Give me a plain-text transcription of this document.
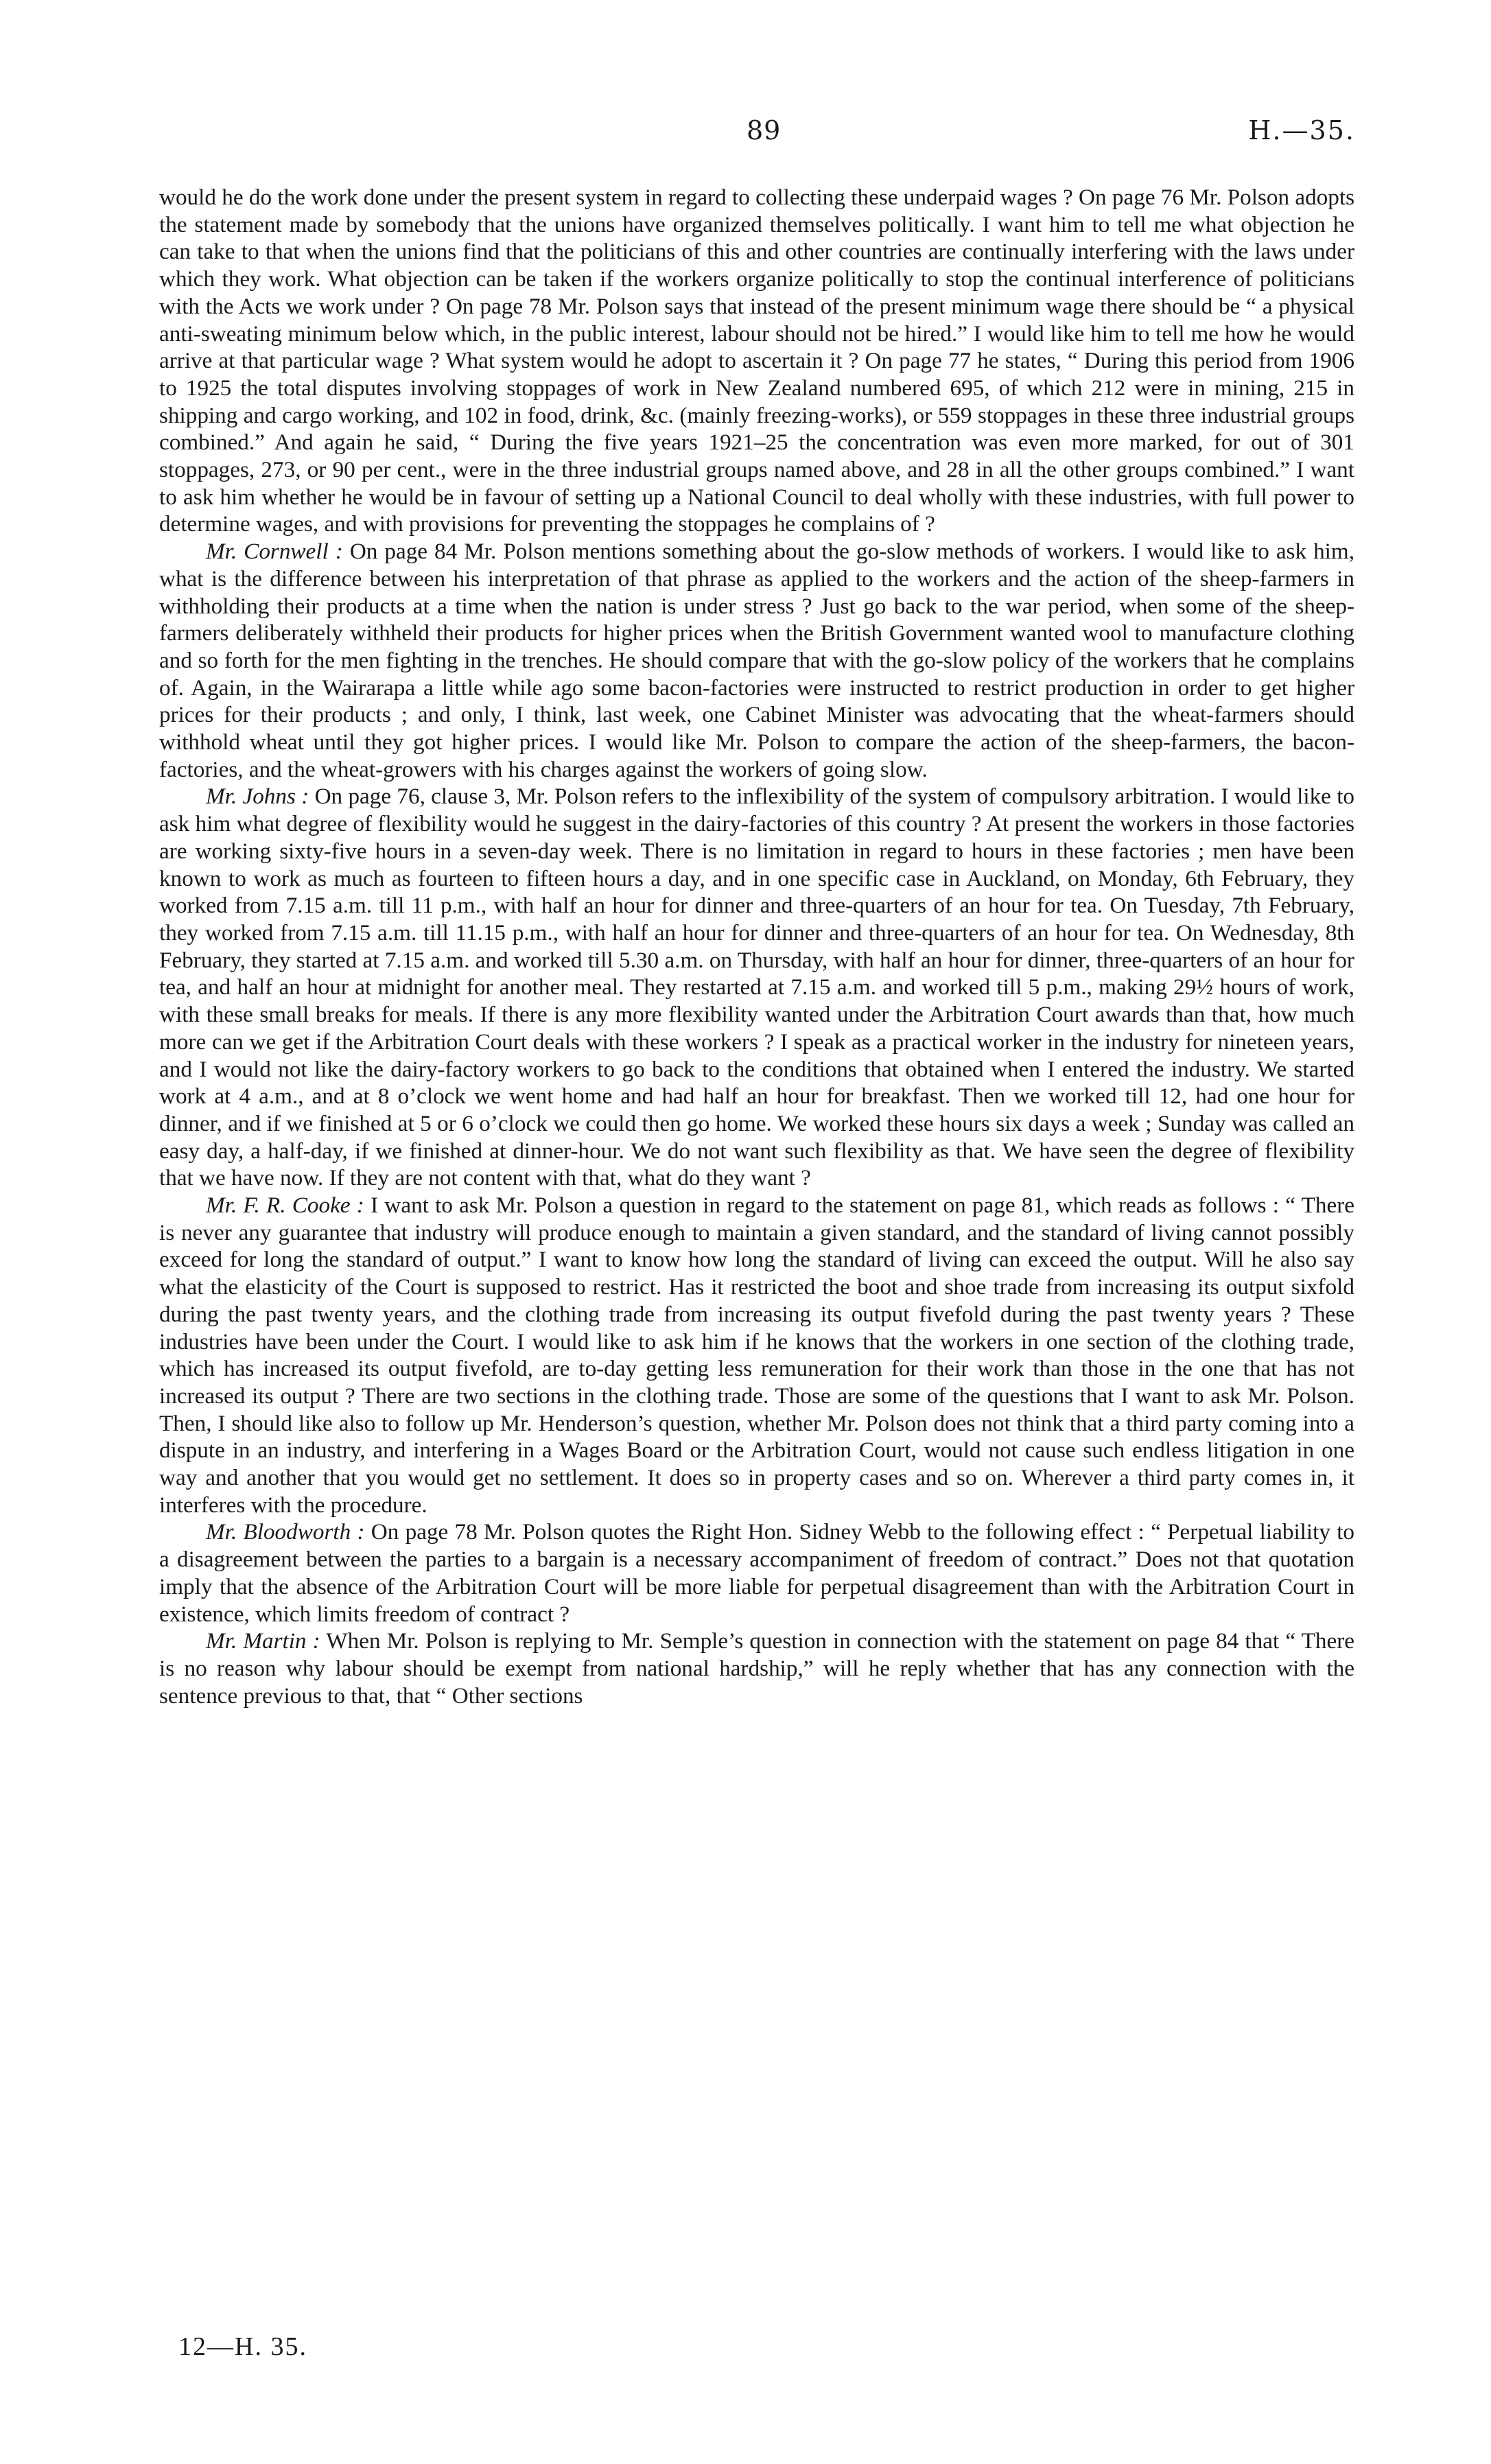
89	H.—35.

would he do the work done under the present system in regard to collecting these underpaid wages ? On page 76 Mr. Polson adopts the statement made by somebody that the unions have organized themselves politically. I want him to tell me what objection he can take to that when the unions find that the politicians of this and other countries are continually interfering with the laws under which they work. What objection can be taken if the workers organize politically to stop the continual interference of politicians with the Acts we work under ? On page 78 Mr. Polson says that instead of the present minimum wage there should be “ a physical anti-sweating minimum below which, in the public interest, labour should not be hired.” I would like him to tell me how he would arrive at that particular wage ? What system would he adopt to ascertain it ? On page 77 he states, “ During this period from 1906 to 1925 the total disputes involving stoppages of work in New Zealand numbered 695, of which 212 were in mining, 215 in shipping and cargo working, and 102 in food, drink, &c. (mainly freezing-works), or 559 stoppages in these three industrial groups combined.” And again he said, “ During the five years 1921–25 the concentration was even more marked, for out of 301 stoppages, 273, or 90 per cent., were in the three industrial groups named above, and 28 in all the other groups combined.” I want to ask him whether he would be in favour of setting up a National Council to deal wholly with these industries, with full power to determine wages, and with provisions for preventing the stoppages he complains of ?

Mr. Cornwell : On page 84 Mr. Polson mentions something about the go-slow methods of workers. I would like to ask him, what is the difference between his interpretation of that phrase as applied to the workers and the action of the sheep-farmers in withholding their products at a time when the nation is under stress ? Just go back to the war period, when some of the sheep-farmers deliberately withheld their products for higher prices when the British Government wanted wool to manufacture clothing and so forth for the men fighting in the trenches. He should compare that with the go-slow policy of the workers that he complains of. Again, in the Wairarapa a little while ago some bacon-factories were instructed to restrict production in order to get higher prices for their products ; and only, I think, last week, one Cabinet Minister was advocating that the wheat-farmers should withhold wheat until they got higher prices. I would like Mr. Polson to compare the action of the sheep-farmers, the bacon-factories, and the wheat-growers with his charges against the workers of going slow.

Mr. Johns : On page 76, clause 3, Mr. Polson refers to the inflexibility of the system of compulsory arbitration. I would like to ask him what degree of flexibility would he suggest in the dairy-factories of this country ? At present the workers in those factories are working sixty-five hours in a seven-day week. There is no limitation in regard to hours in these factories ; men have been known to work as much as fourteen to fifteen hours a day, and in one specific case in Auckland, on Monday, 6th February, they worked from 7.15 a.m. till 11 p.m., with half an hour for dinner and three-quarters of an hour for tea. On Tuesday, 7th February, they worked from 7.15 a.m. till 11.15 p.m., with half an hour for dinner and three-quarters of an hour for tea. On Wednesday, 8th February, they started at 7.15 a.m. and worked till 5.30 a.m. on Thursday, with half an hour for dinner, three-quarters of an hour for tea, and half an hour at midnight for another meal. They restarted at 7.15 a.m. and worked till 5 p.m., making 29½ hours of work, with these small breaks for meals. If there is any more flexibility wanted under the Arbitration Court awards than that, how much more can we get if the Arbitration Court deals with these workers ? I speak as a practical worker in the industry for nineteen years, and I would not like the dairy-factory workers to go back to the conditions that obtained when I entered the industry. We started work at 4 a.m., and at 8 o’clock we went home and had half an hour for breakfast. Then we worked till 12, had one hour for dinner, and if we finished at 5 or 6 o’clock we could then go home. We worked these hours six days a week ; Sunday was called an easy day, a half-day, if we finished at dinner-hour. We do not want such flexibility as that. We have seen the degree of flexibility that we have now. If they are not content with that, what do they want ?

Mr. F. R. Cooke : I want to ask Mr. Polson a question in regard to the statement on page 81, which reads as follows : “ There is never any guarantee that industry will produce enough to maintain a given standard, and the standard of living cannot possibly exceed for long the standard of output.” I want to know how long the standard of living can exceed the output. Will he also say what the elasticity of the Court is supposed to restrict. Has it restricted the boot and shoe trade from increasing its output sixfold during the past twenty years, and the clothing trade from increasing its output fivefold during the past twenty years ? These industries have been under the Court. I would like to ask him if he knows that the workers in one section of the clothing trade, which has increased its output fivefold, are to-day getting less remuneration for their work than those in the one that has not increased its output ? There are two sections in the clothing trade. Those are some of the questions that I want to ask Mr. Polson. Then, I should like also to follow up Mr. Henderson’s question, whether Mr. Polson does not think that a third party coming into a dispute in an industry, and interfering in a Wages Board or the Arbitration Court, would not cause such endless litigation in one way and another that you would get no settlement. It does so in property cases and so on. Wherever a third party comes in, it interferes with the procedure.

Mr. Bloodworth : On page 78 Mr. Polson quotes the Right Hon. Sidney Webb to the following effect : “ Perpetual liability to a disagreement between the parties to a bargain is a necessary accompaniment of freedom of contract.” Does not that quotation imply that the absence of the Arbitration Court will be more liable for perpetual disagreement than with the Arbitration Court in existence, which limits freedom of contract ?

Mr. Martin : When Mr. Polson is replying to Mr. Semple’s question in connection with the statement on page 84 that “ There is no reason why labour should be exempt from national hardship,” will he reply whether that has any connection with the sentence previous to that, that “ Other sections

12—H. 35.
